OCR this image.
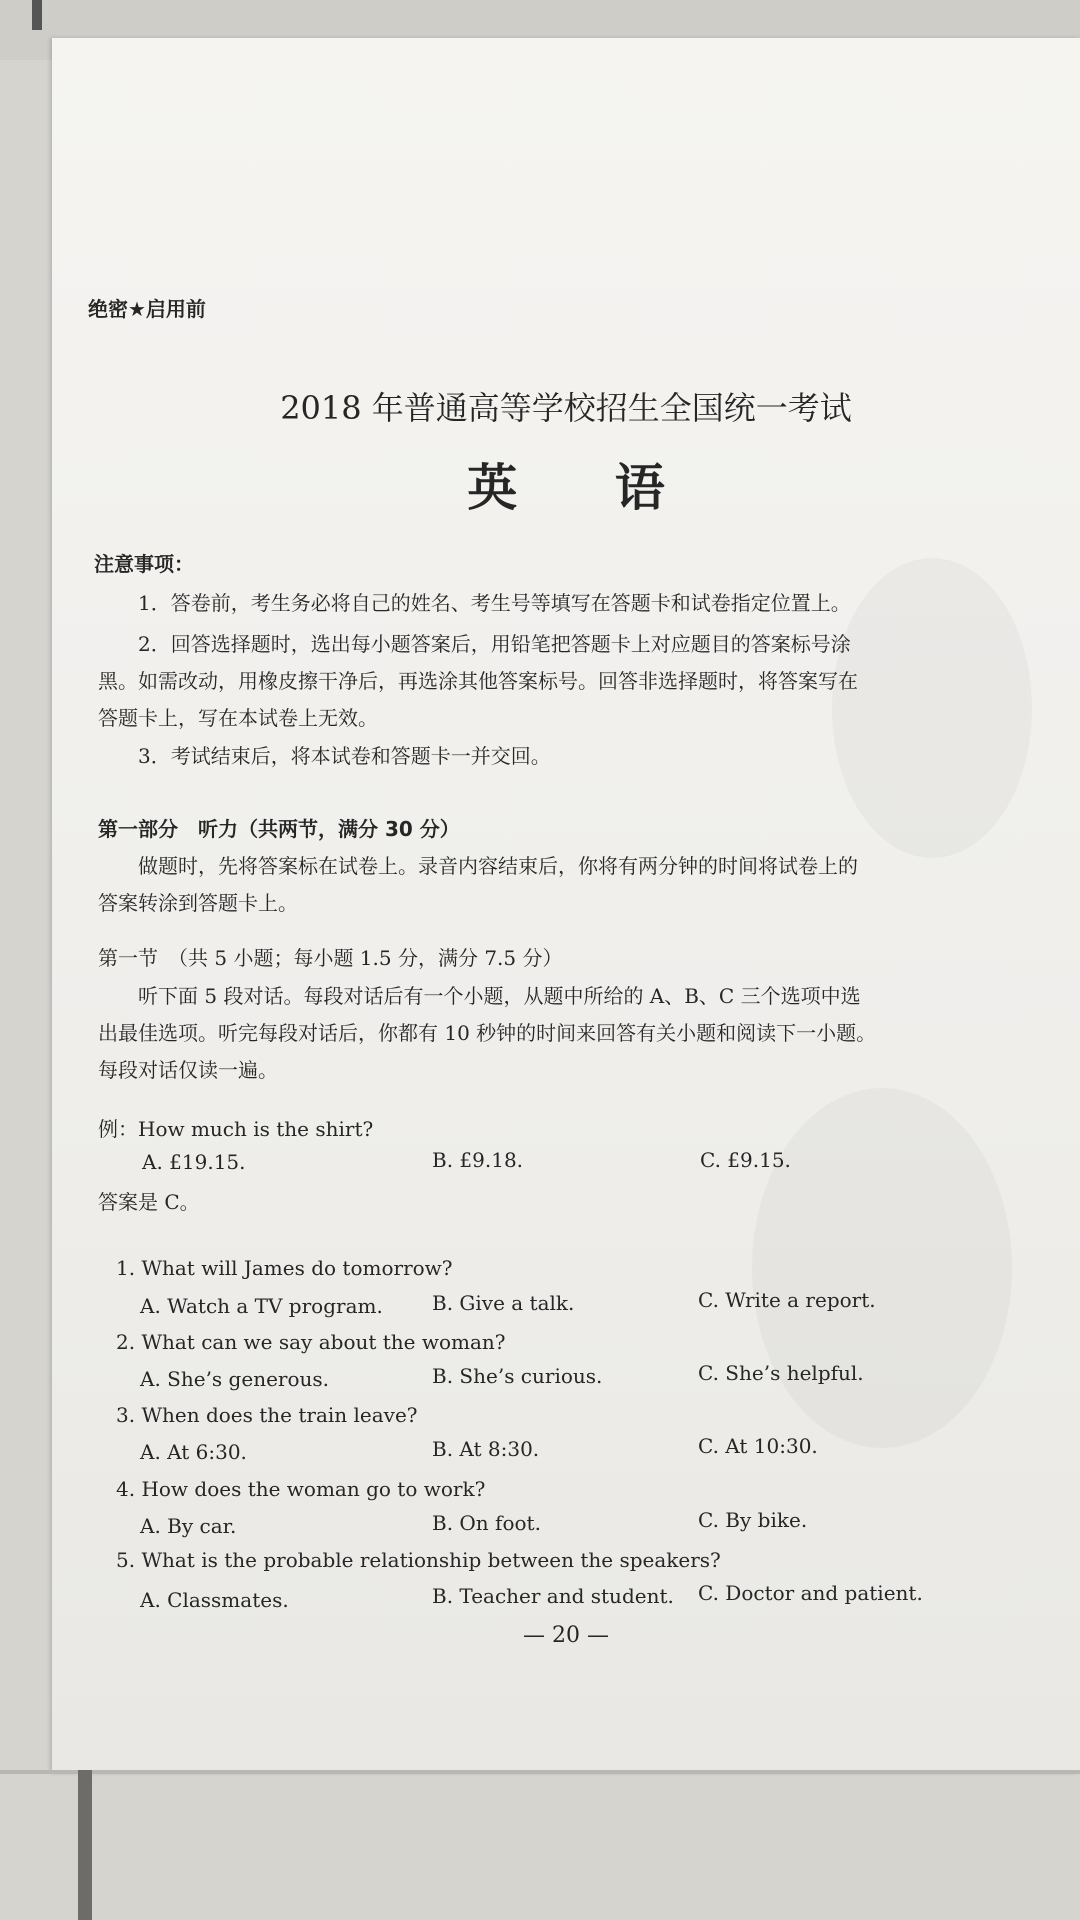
绝密★启用前
2018 年普通高等学校招生全国统一考试
英 语
注意事项：
1．答卷前，考生务必将自己的姓名、考生号等填写在答题卡和试卷指定位置上。
2．回答选择题时，选出每小题答案后，用铅笔把答题卡上对应题目的答案标号涂
黑。如需改动，用橡皮擦干净后，再选涂其他答案标号。回答非选择题时，将答案写在
答题卡上，写在本试卷上无效。
3．考试结束后，将本试卷和答题卡一并交回。
第一部分　听力（共两节，满分 30 分）
做题时，先将答案标在试卷上。录音内容结束后，你将有两分钟的时间将试卷上的
答案转涂到答题卡上。
第一节　（共 5 小题；每小题 1.5 分，满分 7.5 分）
听下面 5 段对话。每段对话后有一个小题，从题中所给的 A、B、C 三个选项中选
出最佳选项。听完每段对话后，你都有 10 秒钟的时间来回答有关小题和阅读下一小题。
每段对话仅读一遍。
例：How much is the shirt?
A. £19.15.	B. £9.18.	C. £9.15.
答案是 C。
1. What will James do tomorrow?
A. Watch a TV program. B. Give a talk.	C. Write a report.
2. What can we say about the woman?
A. She’s generous.	B. She’s curious.	C. She’s helpful.
3. When does the train leave?
A. At 6:30.	B. At 8:30.	C. At 10:30.
4. How does the woman go to work?
A. By car.	B. On foot.	C. By bike.
5. What is the probable relationship between the speakers?
A. Classmates.	B. Teacher and student. C. Doctor and patient.
— 20 —
